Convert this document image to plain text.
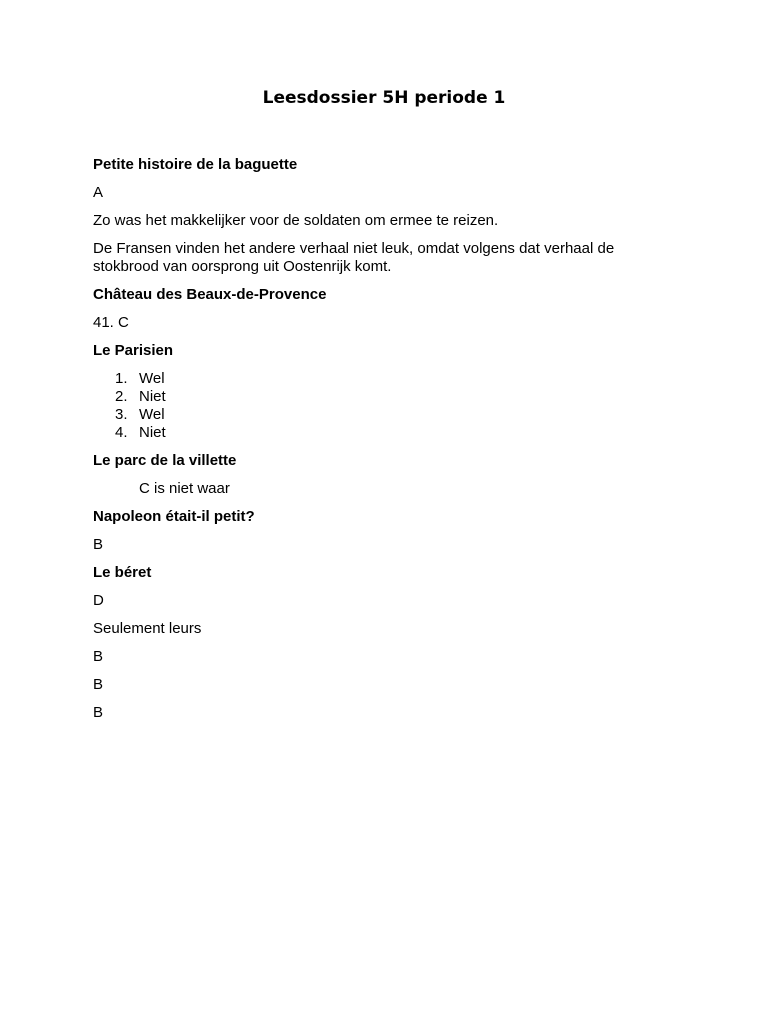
Leesdossier 5H periode 1

Petite histoire de la baguette

A

Zo was het makkelijker voor de soldaten om ermee te reizen.

De Fransen vinden het andere verhaal niet leuk, omdat volgens dat verhaal de stokbrood van oorsprong uit Oostenrijk komt.

Château des Beaux-de-Provence

41. C

Le Parisien

1. Wel
2. Niet
3. Wel
4. Niet

Le parc de la villette

C is niet waar

Napoleon était-il petit?

B

Le béret

D

Seulement leurs

B

B

B
